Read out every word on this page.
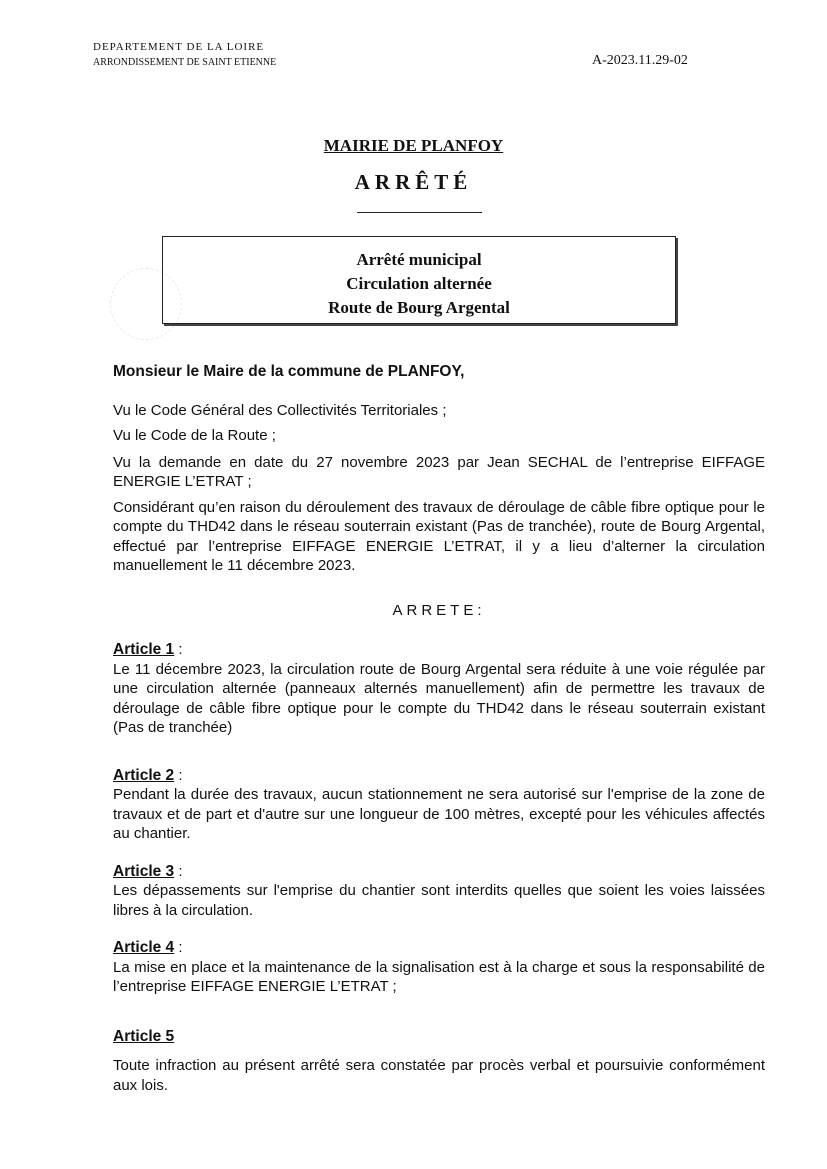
DEPARTEMENT DE LA LOIRE
ARRONDISSEMENT DE SAINT ETIENNE	A-2023.11.29-02
MAIRIE DE PLANFOY
ARRÊTÉ
Arrêté municipal
Circulation alternée
Route de Bourg Argental

Monsieur le Maire de la commune de PLANFOY,

Vu le Code Général des Collectivités Territoriales ;

Vu le Code de la Route ;

Vu la demande en date du 27 novembre 2023 par Jean SECHAL de l’entreprise EIFFAGE ENERGIE L’ETRAT ;

Considérant qu’en raison du déroulement des travaux de déroulage de câble fibre optique pour le compte du THD42 dans le réseau souterrain existant (Pas de tranchée), route de Bourg Argental, effectué par l’entreprise EIFFAGE ENERGIE L’ETRAT, il y a lieu d’alterner la circulation manuellement le 11 décembre 2023.

ARRETE:

Article 1 :

Le 11 décembre 2023, la circulation route de Bourg Argental sera réduite à une voie régulée par une circulation alternée (panneaux alternés manuellement) afin de permettre les travaux de déroulage de câble fibre optique pour le compte du THD42 dans le réseau souterrain existant (Pas de tranchée)

Article 2 :

Pendant la durée des travaux, aucun stationnement ne sera autorisé sur l'emprise de la zone de travaux et de part et d'autre sur une longueur de 100 mètres, excepté pour les véhicules affectés au chantier.

Article 3 :

Les dépassements sur l'emprise du chantier sont interdits quelles que soient les voies laissées libres à la circulation.

Article 4 :

La mise en place et la maintenance de la signalisation est à la charge et sous la responsabilité de l’entreprise EIFFAGE ENERGIE L’ETRAT ;

Article 5

Toute infraction au présent arrêté sera constatée par procès verbal et poursuivie conformément aux lois.
